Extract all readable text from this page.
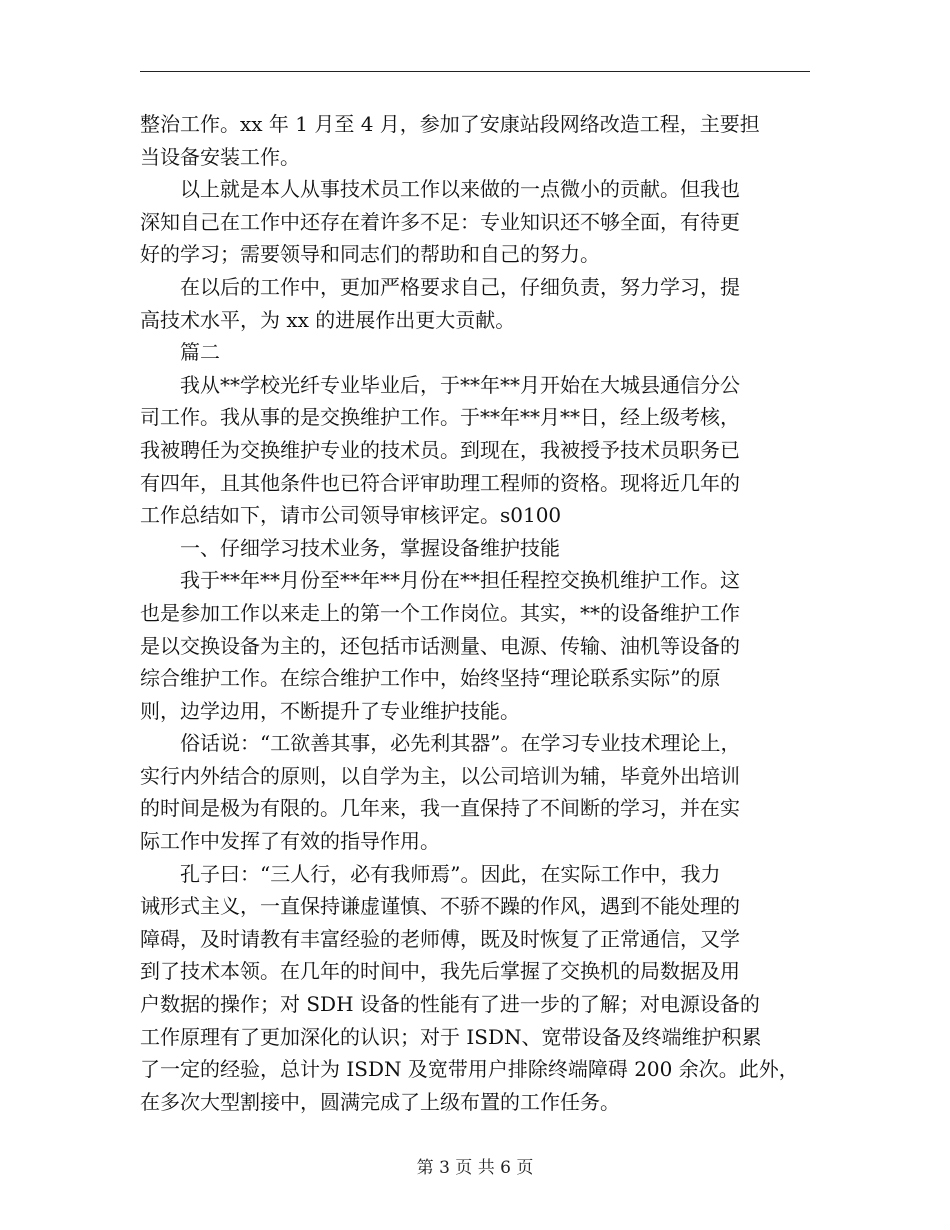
整治工作。xx 年 1 月至 4 月，参加了安康站段网络改造工程，主要担
当设备安装工作。
　　以上就是本人从事技术员工作以来做的一点微小的贡献。但我也
深知自己在工作中还存在着许多不足：专业知识还不够全面，有待更
好的学习；需要领导和同志们的帮助和自己的努力。
　　在以后的工作中，更加严格要求自己，仔细负责，努力学习，提
高技术水平，为 xx 的进展作出更大贡献。
　　篇二
　　我从**学校光纤专业毕业后，于**年**月开始在大城县通信分公
司工作。我从事的是交换维护工作。于**年**月**日，经上级考核，
我被聘任为交换维护专业的技术员。到现在，我被授予技术员职务已
有四年，且其他条件也已符合评审助理工程师的资格。现将近几年的
工作总结如下，请市公司领导审核评定。s0100
　　一、仔细学习技术业务，掌握设备维护技能
　　我于**年**月份至**年**月份在**担任程控交换机维护工作。这
也是参加工作以来走上的第一个工作岗位。其实，**的设备维护工作
是以交换设备为主的，还包括市话测量、电源、传输、油机等设备的
综合维护工作。在综合维护工作中，始终坚持“理论联系实际”的原
则，边学边用，不断提升了专业维护技能。
　　俗话说：“工欲善其事，必先利其器”。在学习专业技术理论上，
实行内外结合的原则，以自学为主，以公司培训为辅，毕竟外出培训
的时间是极为有限的。几年来，我一直保持了不间断的学习，并在实
际工作中发挥了有效的指导作用。
　　孔子曰：“三人行，必有我师焉”。因此，在实际工作中，我力
诫形式主义，一直保持谦虚谨慎、不骄不躁的作风，遇到不能处理的
障碍，及时请教有丰富经验的老师傅，既及时恢复了正常通信，又学
到了技术本领。在几年的时间中，我先后掌握了交换机的局数据及用
户数据的操作；对 SDH 设备的性能有了进一步的了解；对电源设备的
工作原理有了更加深化的认识；对于 ISDN、宽带设备及终端维护积累
了一定的经验，总计为 ISDN 及宽带用户排除终端障碍 200 余次。此外，
在多次大型割接中，圆满完成了上级布置的工作任务。
第 3 页 共 6 页
